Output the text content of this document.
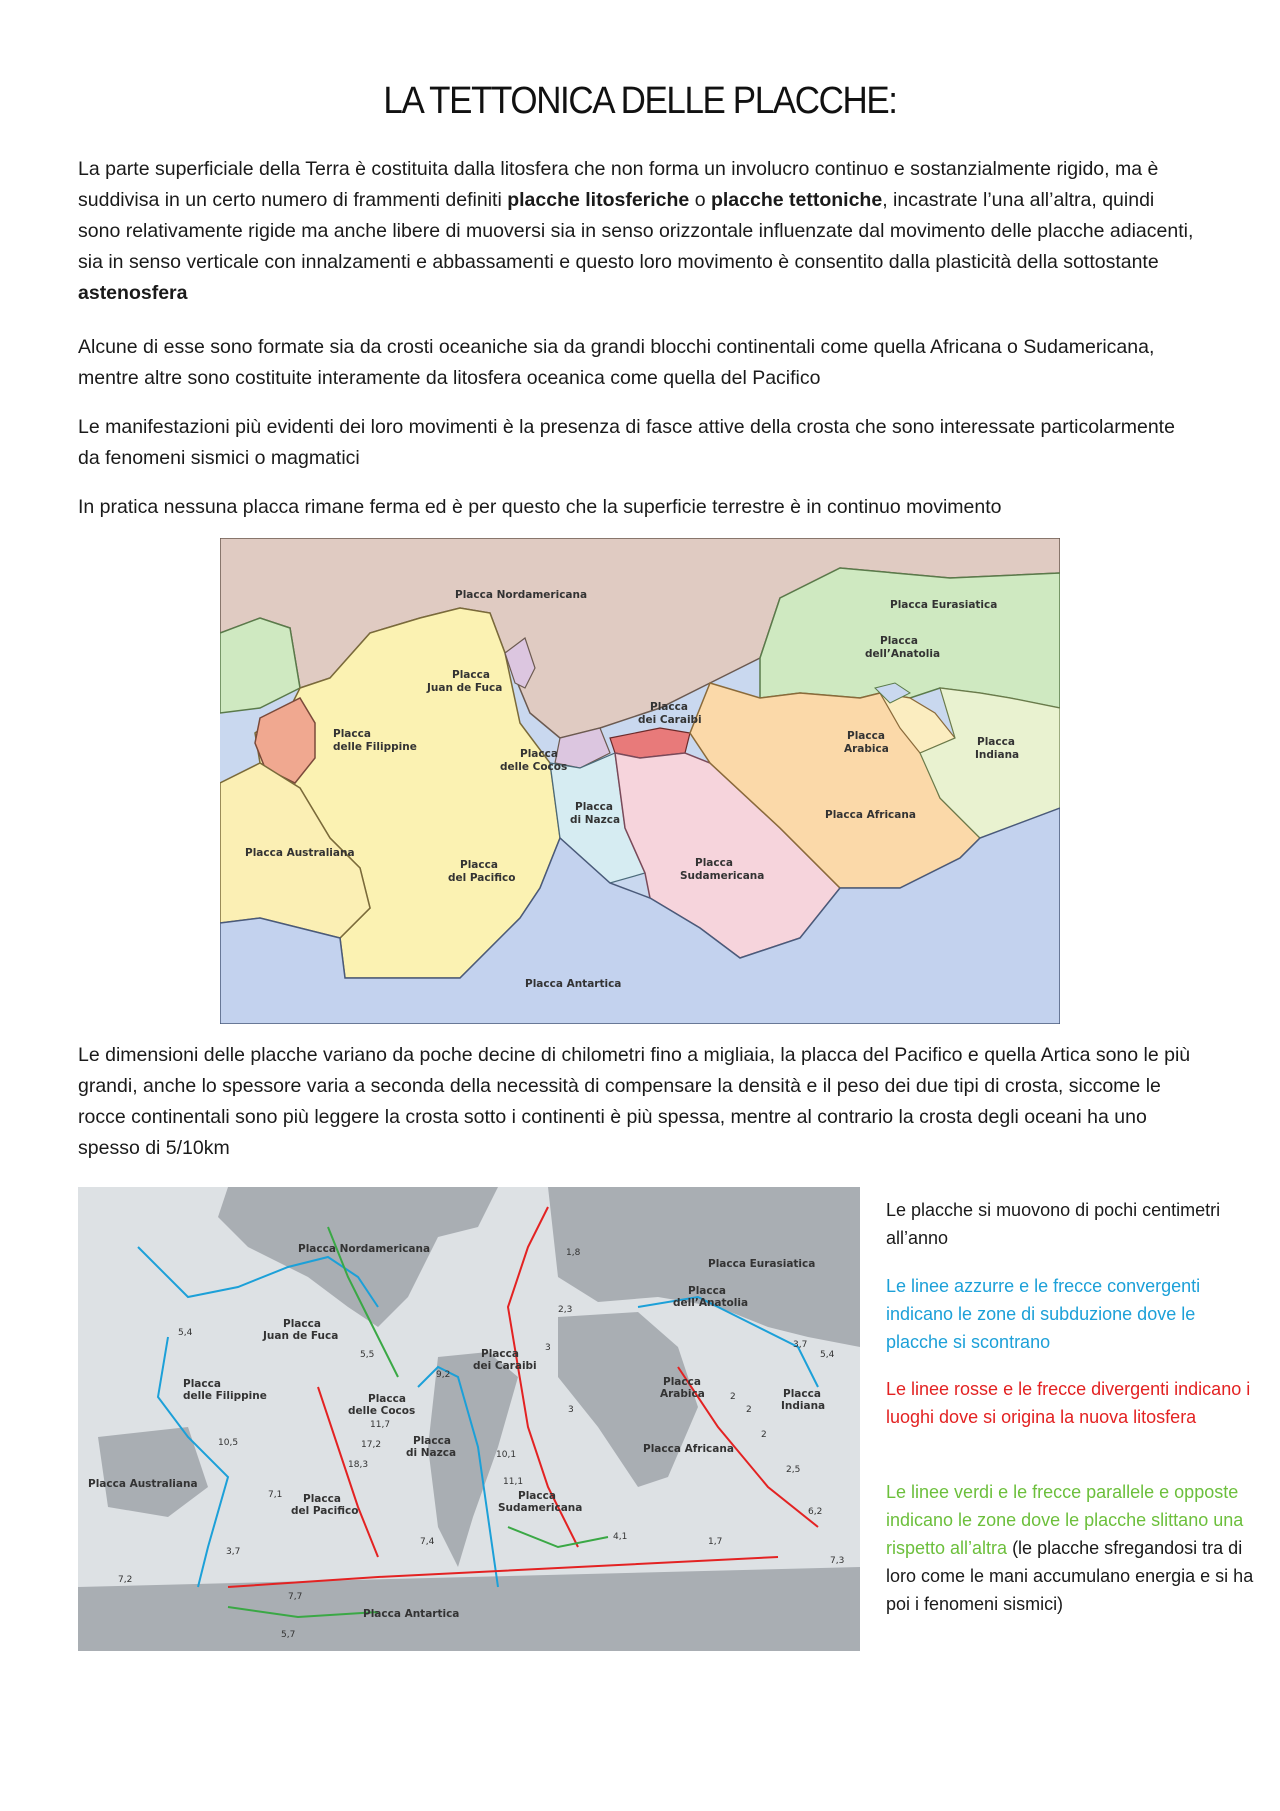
LA TETTONICA DELLE PLACCHE:

La parte superficiale della Terra è costituita dalla litosfera che non forma un involucro continuo e sostanzialmente rigido, ma è suddivisa in un certo numero di frammenti definiti placche litosferiche o placche tettoniche, incastrate l’una all’altra, quindi sono relativamente rigide ma anche libere di muoversi sia in senso orizzontale influenzate dal movimento delle placche adiacenti, sia in senso verticale con innalzamenti e abbassamenti e questo loro movimento è consentito dalla plasticità della sottostante astenosfera

Alcune di esse sono formate sia da crosti oceaniche sia da grandi blocchi continentali come quella Africana o Sudamericana, mentre altre sono costituite interamente da litosfera oceanica come quella del Pacifico

Le manifestazioni più evidenti dei loro movimenti è la presenza di fasce attive della crosta che sono interessate particolarmente da fenomeni sismici o magmatici

In pratica nessuna placca rimane ferma ed è per questo che la superficie terrestre è in continuo movimento

Placca Nordamericana
Placca Eurasiatica
Placca
dell’Anatolia
Placca
Juan de Fuca
Placca
dei Caraibi
Placca
delle Filippine
Placca
delle Cocos
Placca
Arabica
Placca
Indiana
Placca
di Nazca	Placca Africana
Placca Australiana
Placca
del Pacifico
Placca
Sudamericana
Placca Antartica

Le dimensioni delle placche variano da poche decine di chilometri fino a migliaia, la placca del Pacifico e quella Artica sono le più grandi, anche lo spessore varia a seconda della necessità di compensare la densità e il peso dei due tipi di crosta, siccome le rocce continentali sono più leggere la crosta sotto i continenti è più spessa, mentre al contrario la crosta degli oceani ha uno spesso di 5/10km

Placca Nordamericana
Placca Eurasiatica
Placca
dell’Anatolia
Placca
Juan de Fuca
Placca
dei Caraibi
Placca
delle Filippine	Placca
delle Cocos
Placca
Arabica	Placca
Indiana
Placca
di Nazca	Placca Africana
Placca Australiana
Placca
del Pacifico
Placca
Sudamericana
Placca Antartica
1,8
2,3
5,4
5,5
9,2
3
3
3,7
5,4
11,7
10,5	17,2
18,3
10,1
11,1
2
2
2
2,5
7,1
3,7
7,4	4,1	1,7
6,2
7,3
7,2
7,7
5,7

Le placche si muovono di pochi centimetri all’anno

Le linee azzurre e le frecce convergenti indicano le zone di subduzione dove le placche si scontrano

Le linee rosse e le frecce divergenti indicano i luoghi dove si origina la nuova litosfera

Le linee verdi e le frecce parallele e opposte indicano le zone dove le placche slittano una rispetto all’altra (le placche sfregandosi tra di loro come le mani accumulano energia e si ha poi i fenomeni sismici)
